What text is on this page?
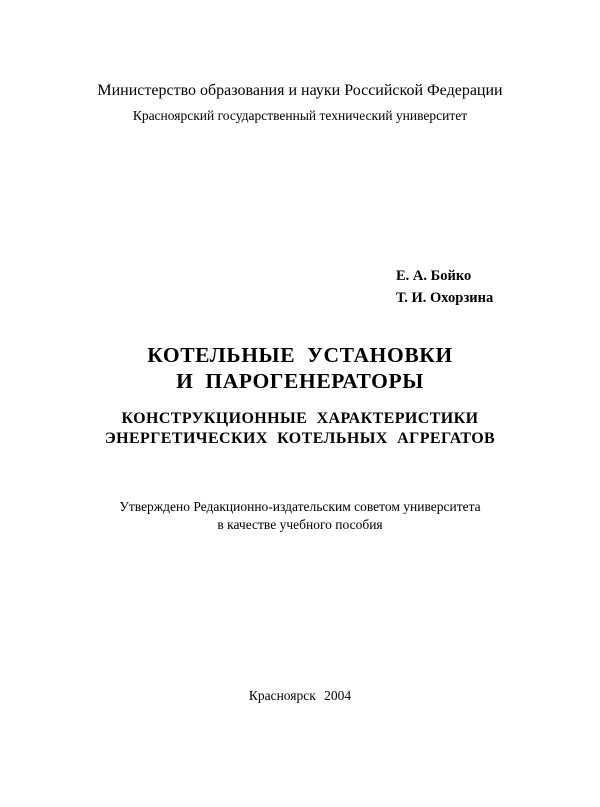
Министерство образования и науки Российской Федерации
Красноярский государственный технический университет
Е. А. Бойко
Т. И. Охорзина
КОТЕЛЬНЫЕ УСТАНОВКИ
И ПАРОГЕНЕРАТОРЫ
КОНСТРУКЦИОННЫЕ ХАРАКТЕРИСТИКИ
ЭНЕРГЕТИЧЕСКИХ КОТЕЛЬНЫХ АГРЕГАТОВ
Утверждено Редакционно-издательским советом университета
в качестве учебного пособия
Красноярск 2004
